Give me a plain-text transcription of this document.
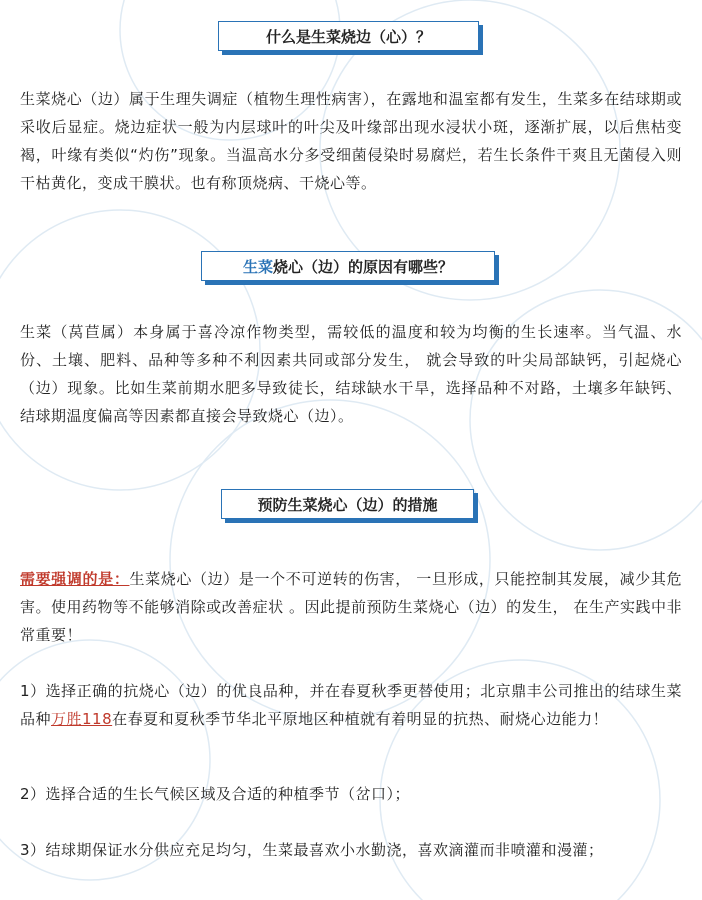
什么是生菜烧边（心）？

生菜烧心（边）属于生理失调症（植物生理性病害），在露地和温室都有发生，生菜多在结球期或采收后显症。烧边症状一般为内层球叶的叶尖及叶缘部出现水浸状小斑，逐渐扩展，以后焦枯变褐，叶缘有类似“灼伤”现象。当温高水分多受细菌侵染时易腐烂，若生长条件干爽且无菌侵入则干枯黄化，变成干膜状。也有称顶烧病、干烧心等。

生菜烧心（边）的原因有哪些？

生菜（莴苣属）本身属于喜冷凉作物类型，需较低的温度和较为均衡的生长速率。当气温、水份、土壤、肥料、品种等多种不利因素共同或部分发生， 就会导致的叶尖局部缺钙，引起烧心（边）现象。比如生菜前期水肥多导致徒长，结球缺水干旱，选择品种不对路，土壤多年缺钙、结球期温度偏高等因素都直接会导致烧心（边）。

预防生菜烧心（边）的措施

需要强调的是：生菜烧心（边）是一个不可逆转的伤害， 一旦形成，只能控制其发展，减少其危害。使用药物等不能够消除或改善症状 。因此提前预防生菜烧心（边）的发生， 在生产实践中非常重要！

1）选择正确的抗烧心（边）的优良品种，并在春夏秋季更替使用；北京鼎丰公司推出的结球生菜品种万胜118在春夏和夏秋季节华北平原地区种植就有着明显的抗热、耐烧心边能力！

2）选择合适的生长气候区域及合适的种植季节（岔口）；

3）结球期保证水分供应充足均匀，生菜最喜欢小水勤浇，喜欢滴灌而非喷灌和漫灌；
